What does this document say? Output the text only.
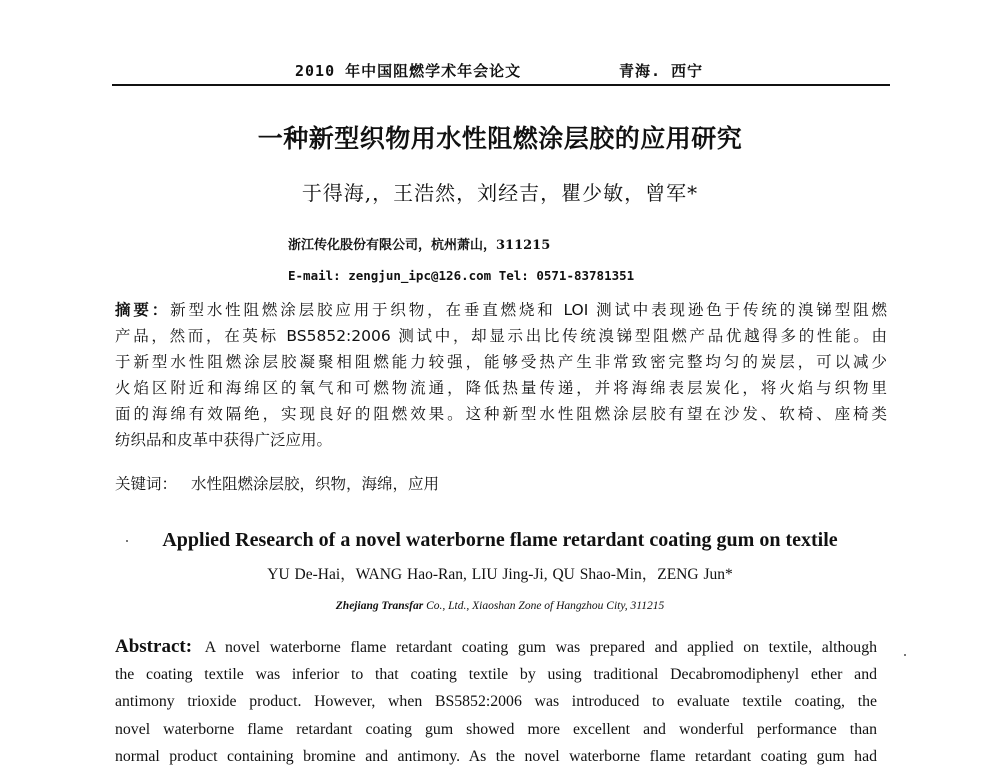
2010 年中国阻燃学术年会论文	青海. 西宁
一种新型织物用水性阻燃涂层胶的应用研究
于得海,，王浩然，刘经吉，瞿少敏，曾军*
浙江传化股份有限公司，杭州萧山，311215
E-mail: zengjun_ipc@126.com Tel: 0571-83781351
摘要：新型水性阻燃涂层胶应用于织物，在垂直燃烧和 LOI 测试中表现逊色于传统的溴锑型阻燃
产品，然而，在英标 BS5852:2006 测试中，却显示出比传统溴锑型阻燃产品优越得多的性能。由
于新型水性阻燃涂层胶凝聚相阻燃能力较强，能够受热产生非常致密完整均匀的炭层，可以减少
火焰区附近和海绵区的氧气和可燃物流通，降低热量传递，并将海绵表层炭化，将火焰与织物里
面的海绵有效隔绝，实现良好的阻燃效果。这种新型水性阻燃涂层胶有望在沙发、软椅、座椅类
纺织品和皮革中获得广泛应用。
关键词： 水性阻燃涂层胶，织物，海绵，应用
Applied Research of a novel waterborne flame retardant coating gum on textile
YU De-Hai，WANG Hao-Ran, LIU Jing-Ji, QU Shao-Min，ZENG Jun*
Zhejiang Transfar Co., Ltd., Xiaoshan Zone of Hangzhou City, 311215
Abstract: A novel waterborne flame retardant coating gum was prepared and applied on textile, although
the coating textile was inferior to that coating textile by using traditional Decabromodiphenyl ether and
antimony trioxide product. However, when BS5852:2006 was introduced to evaluate textile coating, the
novel waterborne flame retardant coating gum showed more excellent and wonderful performance than
normal product containing bromine and antimony. As the novel waterborne flame retardant coating gum had
